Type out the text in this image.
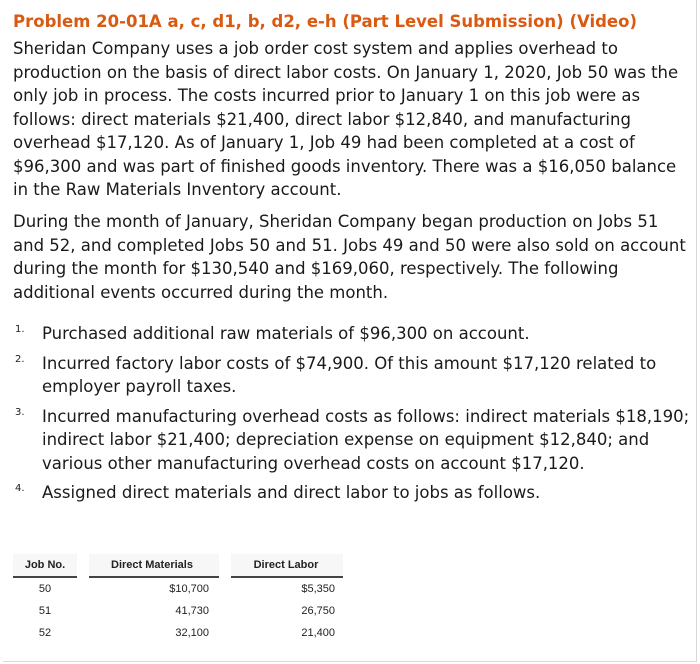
Problem 20-01A a, c, d1, b, d2, e-h (Part Level Submission) (Video)

Sheridan Company uses a job order cost system and applies overhead to production on the basis of direct labor costs. On January 1, 2020, Job 50 was the only job in process. The costs incurred prior to January 1 on this job were as follows: direct materials $21,400, direct labor $12,840, and manufacturing overhead $17,120. As of January 1, Job 49 had been completed at a cost of $96,300 and was part of finished goods inventory. There was a $16,050 balance in the Raw Materials Inventory account.

During the month of January, Sheridan Company began production on Jobs 51 and 52, and completed Jobs 50 and 51. Jobs 49 and 50 were also sold on account during the month for $130,540 and $169,060, respectively. The following additional events occurred during the month.

1. Purchased additional raw materials of $96,300 on account.
2. Incurred factory labor costs of $74,900. Of this amount $17,120 related to employer payroll taxes.
3. Incurred manufacturing overhead costs as follows: indirect materials $18,190; indirect labor $21,400; depreciation expense on equipment $12,840; and various other manufacturing overhead costs on account $17,120.
4. Assigned direct materials and direct labor to jobs as follows.
Job No.		Direct Materials		Direct Labor
50		$10,700		$5,350
51		41,730		26,750
52		32,100		21,400
